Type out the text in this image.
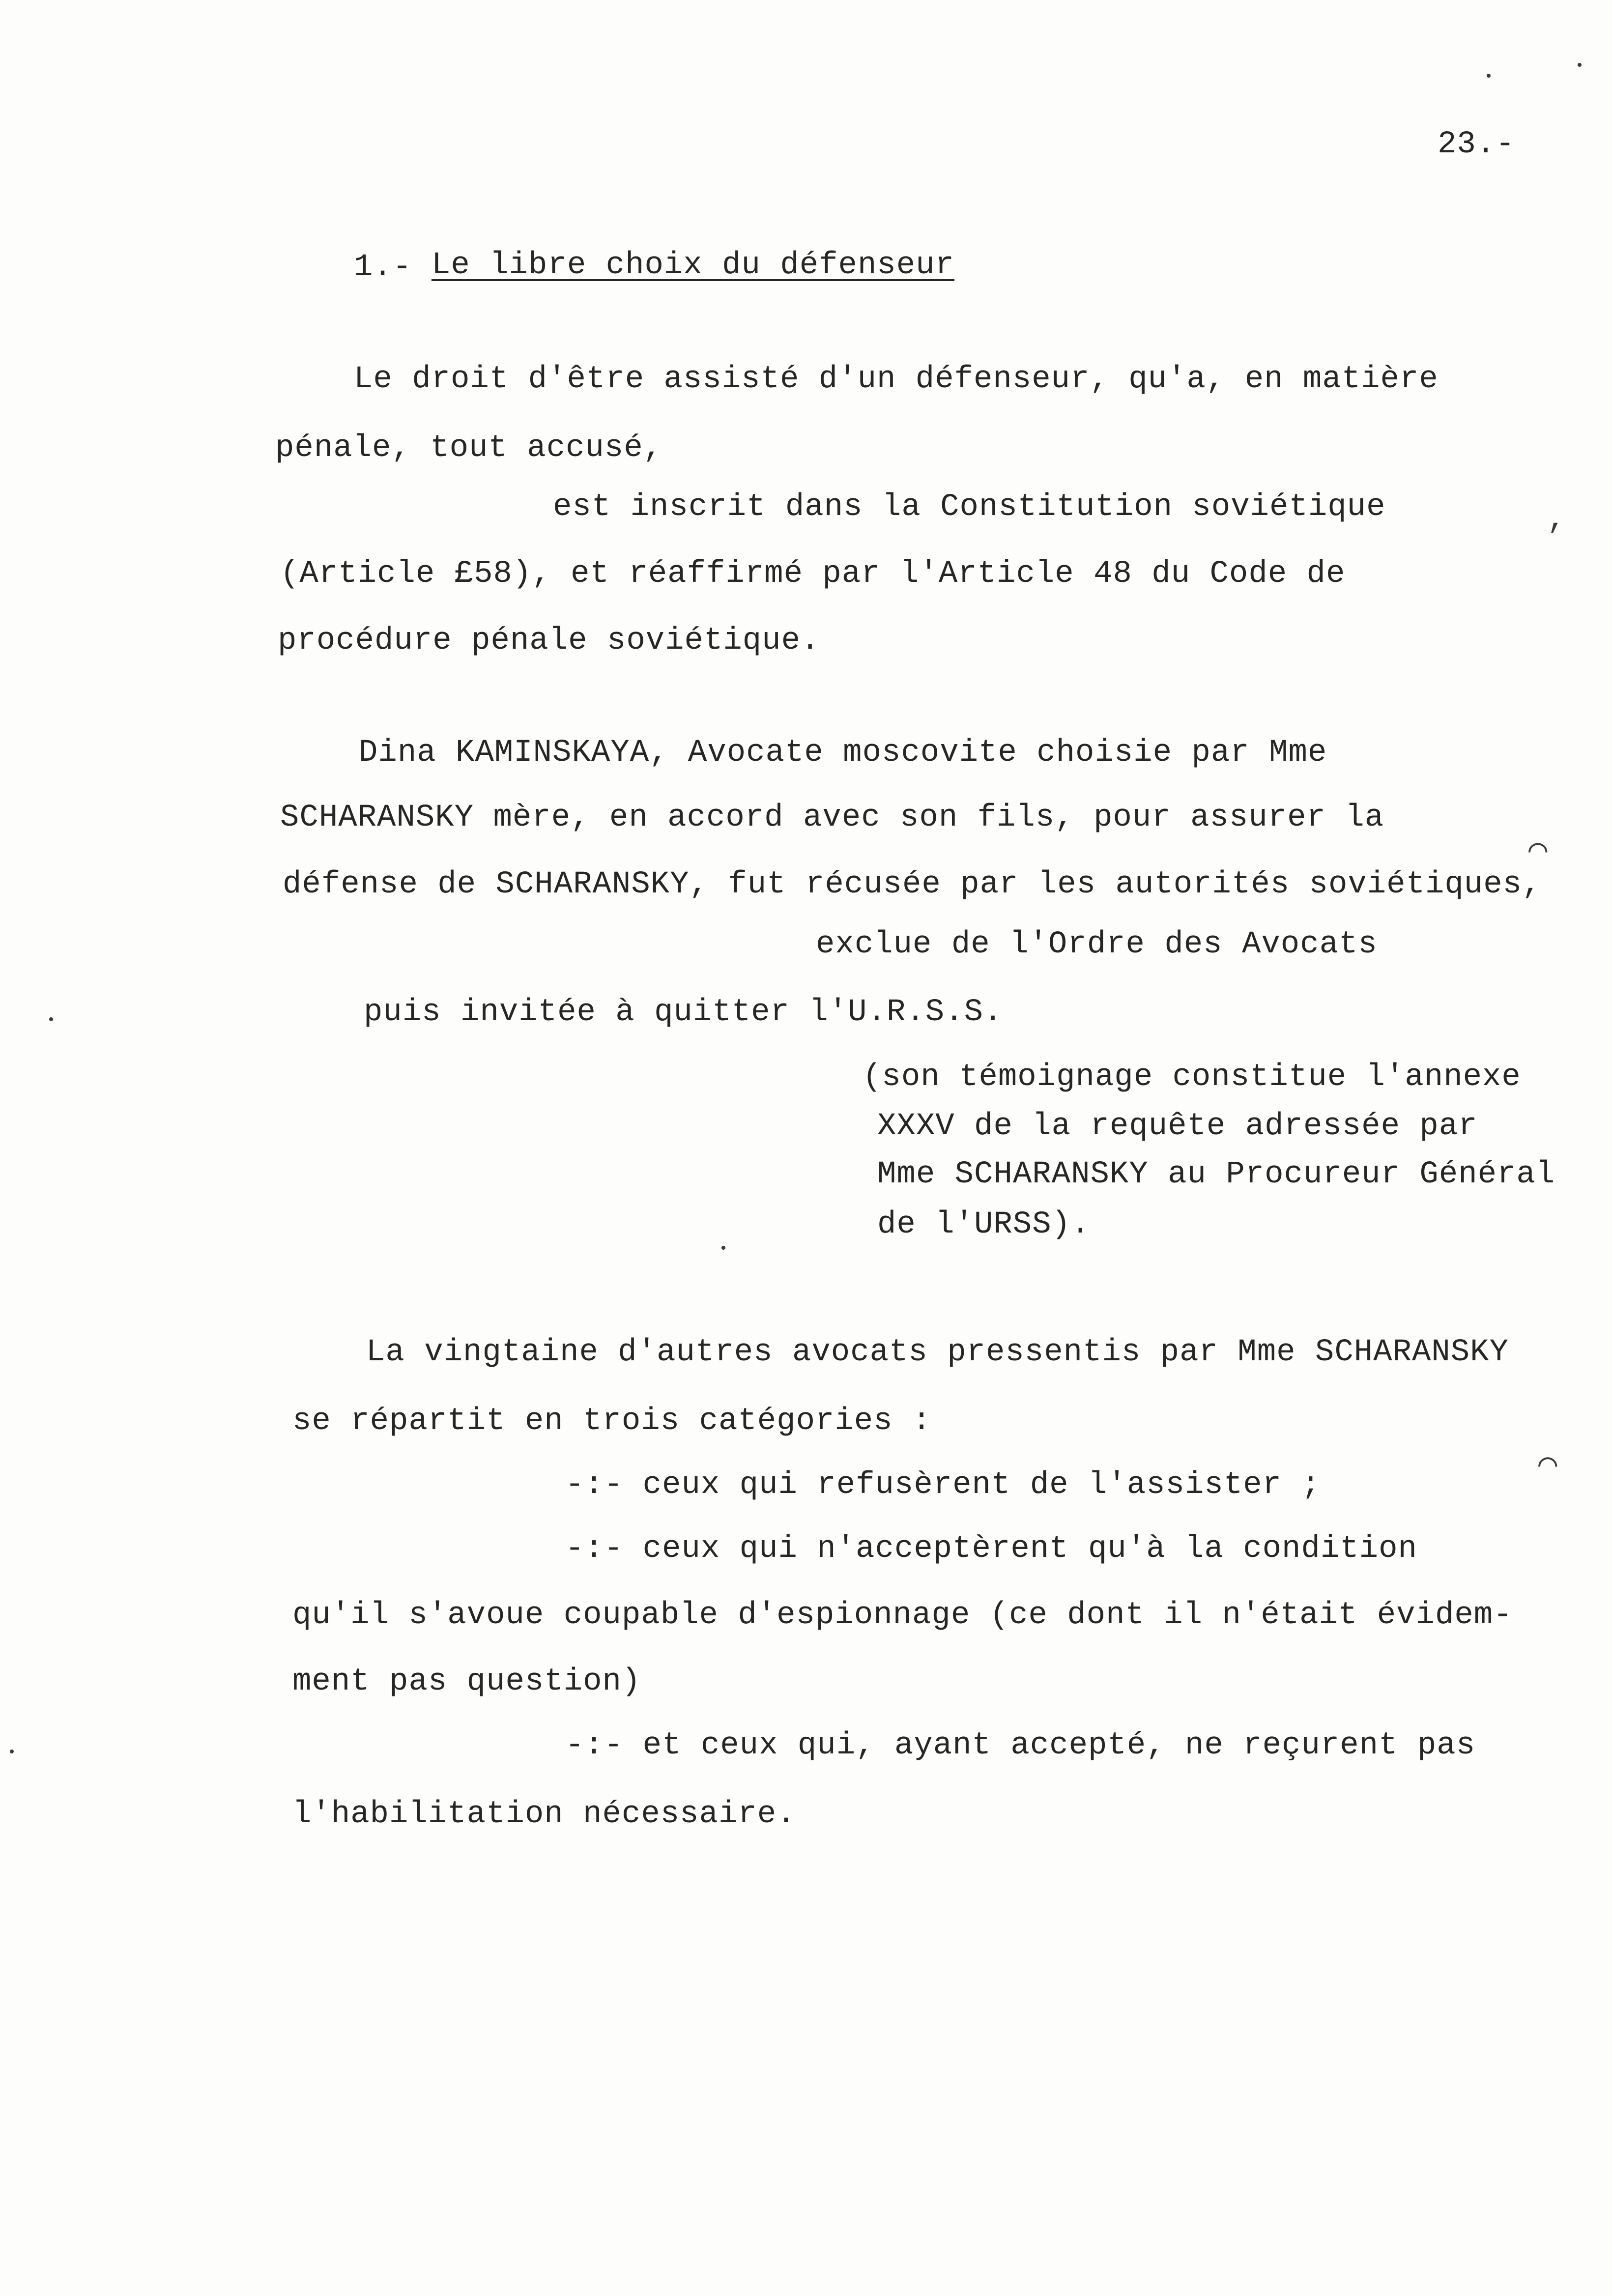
23.-
1.- Le libre choix du défenseur
Le droit d'être assisté d'un défenseur, qu'a, en matière
pénale, tout accusé,
est inscrit dans la Constitution soviétique	,
(Article £58), et réaffirmé par l'Article 48 du Code de
procédure pénale soviétique.
Dina KAMINSKAYA, Avocate moscovite choisie par Mme
SCHARANSKY mère, en accord avec son fils, pour assurer la
⌒
défense de SCHARANSKY, fut récusée par les autorités soviétiques,
exclue de l'Ordre des Avocats
puis invitée à quitter l'U.R.S.S.
(son témoignage constitue l'annexe
XXXV de la requête adressée par
Mme SCHARANSKY au Procureur Général
de l'URSS).
La vingtaine d'autres avocats pressentis par Mme SCHARANSKY
se répartit en trois catégories :
⌒
-:- ceux qui refusèrent de l'assister ;
-:- ceux qui n'acceptèrent qu'à la condition
qu'il s'avoue coupable d'espionnage (ce dont il n'était évidem-
ment pas question)
-:- et ceux qui, ayant accepté, ne reçurent pas
l'habilitation nécessaire.
